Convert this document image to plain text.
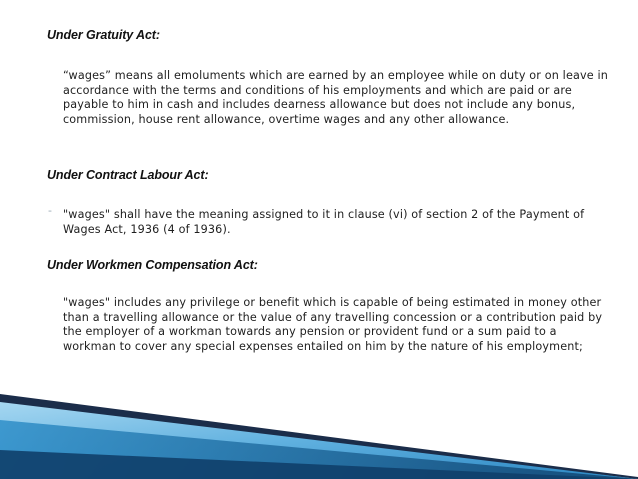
Under Gratuity Act:

“wages” means all emoluments which are earned by an employee while on duty or on leave in accordance with the terms and conditions of his employments and which are paid or are payable to him in cash and includes dearness allowance but does not include any bonus, commission, house rent allowance, overtime wages and any other allowance.

Under Contract Labour Act:
‐ "wages" shall have the meaning assigned to it in clause (vi) of section 2 of the Payment of Wages Act, 1936 (4 of 1936).

Under Workmen Compensation Act:

"wages" includes any privilege or benefit which is capable of being estimated in money other than a travelling allowance or the value of any travelling concession or a contribution paid by the employer of a workman towards any pension or provident fund or a sum paid to a workman to cover any special expenses entailed on him by the nature of his employment;
